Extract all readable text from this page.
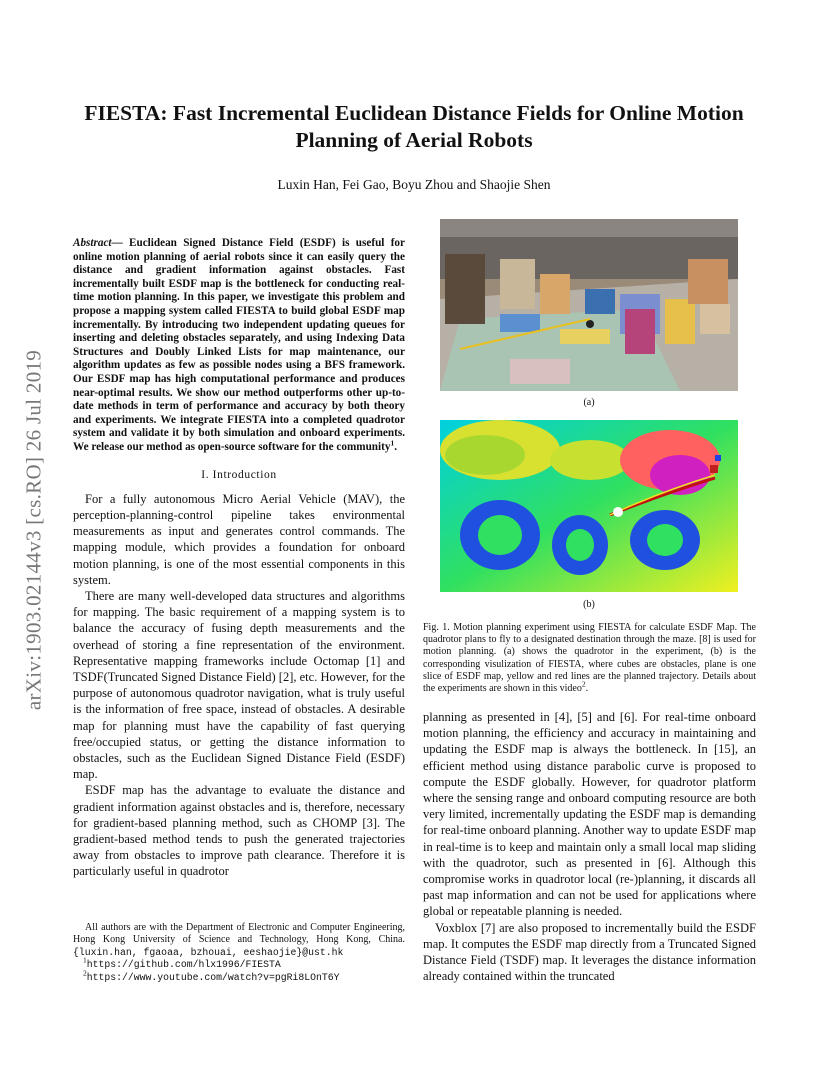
arXiv:1903.02144v3 [cs.RO] 26 Jul 2019
FIESTA: Fast Incremental Euclidean Distance Fields for Online Motion
Planning of Aerial Robots
Luxin Han, Fei Gao, Boyu Zhou and Shaojie Shen

Abstract— Euclidean Signed Distance Field (ESDF) is useful for online motion planning of aerial robots since it can easily query the distance and gradient information against obstacles. Fast incrementally built ESDF map is the bottleneck for conducting real-time motion planning. In this paper, we investigate this problem and propose a mapping system called FIESTA to build global ESDF map incrementally. By introducing two independent updating queues for inserting and deleting obstacles separately, and using Indexing Data Structures and Doubly Linked Lists for map maintenance, our algorithm updates as few as possible nodes using a BFS framework. Our ESDF map has high computational performance and produces near-optimal results. We show our method outperforms other up-to-date methods in term of performance and accuracy by both theory and experiments. We integrate FIESTA into a completed quadrotor system and validate it by both simulation and onboard experiments. We release our method as open-source software for the community$^1$.

I. Introduction

For a fully autonomous Micro Aerial Vehicle (MAV), the perception-planning-control pipeline takes environmental measurements as input and generates control commands. The mapping module, which provides a foundation for onboard motion planning, is one of the most essential components in this system.

There are many well-developed data structures and algorithms for mapping. The basic requirement of a mapping system is to balance the accuracy of fusing depth measurements and the overhead of storing a fine representation of the environment. Representative mapping frameworks include Octomap [1] and TSDF(Truncated Signed Distance Field) [2], etc. However, for the purpose of autonomous quadrotor navigation, what is truly useful is the information of free space, instead of obstacles. A desirable map for planning must have the capability of fast querying free/occupied status, or getting the distance information to obstacles, such as the Euclidean Signed Distance Field (ESDF) map.

ESDF map has the advantage to evaluate the distance and gradient information against obstacles and is, therefore, necessary for gradient-based planning method, such as CHOMP [3]. The gradient-based method tends to push the generated trajectories away from obstacles to improve path clearance. Therefore it is particularly useful in quadrotor

All authors are with the Department of Electronic and Computer Engineering, Hong Kong University of Science and Technology, Hong Kong, China. {luxin.han, fgaoaa, bzhouai, eeshaojie}@ust.hk
$^1$https://github.com/hlx1996/FIESTA
$^2$https://www.youtube.com/watch?v=pgRi8LOnT6Y
(a)
(b)
Fig. 1. Motion planning experiment using FIESTA for calculate ESDF Map. The quadrotor plans to fly to a designated destination through the maze. [8] is used for motion planning. (a) shows the quadrotor in the experiment, (b) is the corresponding visulization of FIESTA, where cubes are obstacles, plane is one slice of ESDF map, yellow and red lines are the planned trajectory. Details about the experiments are shown in this video$^2$.

planning as presented in [4], [5] and [6]. For real-time onboard motion planning, the efficiency and accuracy in maintaining and updating the ESDF map is always the bottleneck. In [15], an efficient method using distance parabolic curve is proposed to compute the ESDF globally. However, for quadrotor platform where the sensing range and onboard computing resource are both very limited, incrementally updating the ESDF map is demanding for real-time onboard planning. Another way to update ESDF map in real-time is to keep and maintain only a small local map sliding with the quadrotor, such as presented in [6]. Although this compromise works in quadrotor local (re-)planning, it discards all past map information and can not be used for applications where global or repeatable planning is needed.

Voxblox [7] are also proposed to incrementally build the ESDF map. It computes the ESDF map directly from a Truncated Signed Distance Field (TSDF) map. It leverages the distance information already contained within the truncated
